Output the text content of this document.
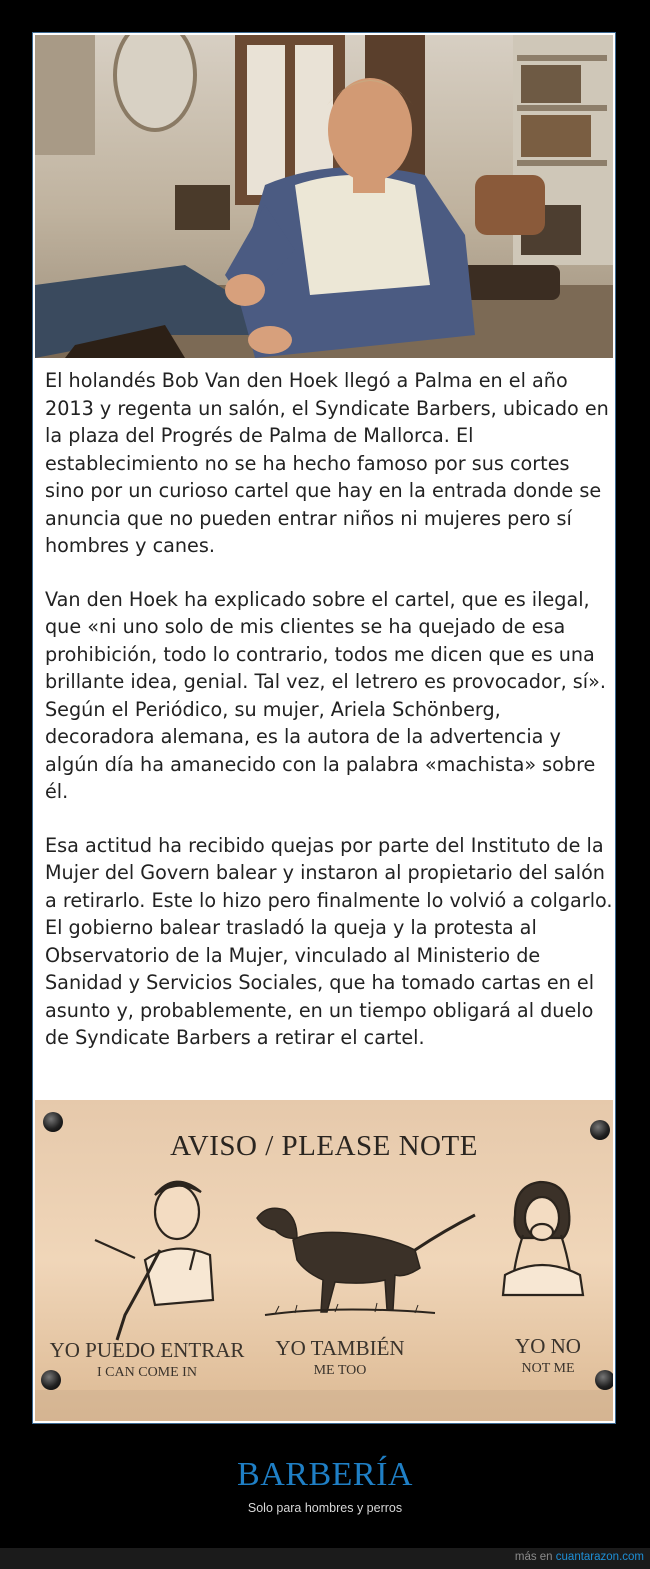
El holandés Bob Van den Hoek llegó a Palma en el año 2013 y regenta un salón, el Syndicate Barbers, ubicado en la plaza del Progrés de Palma de Mallorca. El establecimiento no se ha hecho famoso por sus cortes sino por un curioso cartel que hay en la entrada donde se anuncia que no pueden entrar niños ni mujeres pero sí hombres y canes.

Van den Hoek ha explicado sobre el cartel, que es ilegal, que «ni uno solo de mis clientes se ha quejado de esa prohibición, todo lo contrario, todos me dicen que es una brillante idea, genial. Tal vez, el letrero es provocador, sí». Según el Periódico, su mujer, Ariela Schönberg, decoradora alemana, es la autora de la advertencia y algún día ha amanecido con la palabra «machista» sobre él.

Esa actitud ha recibido quejas por parte del Instituto de la Mujer del Govern balear y instaron al propietario del salón a retirarlo. Este lo hizo pero finalmente lo volvió a colgarlo. El gobierno balear trasladó la queja y la protesta al Observatorio de la Mujer, vinculado al Ministerio de Sanidad y Servicios Sociales, que ha tomado cartas en el asunto y, probablemente, en un tiempo obligará al duelo de Syndicate Barbers a retirar el cartel.

AVISO / PLEASE NOTE
YO PUEDO ENTRAR
I CAN COME IN
YO TAMBIÉN
ME TOO
YO NO
NOT ME
BARBERÍA
Solo para hombres y perros
más en cuantarazon.com
